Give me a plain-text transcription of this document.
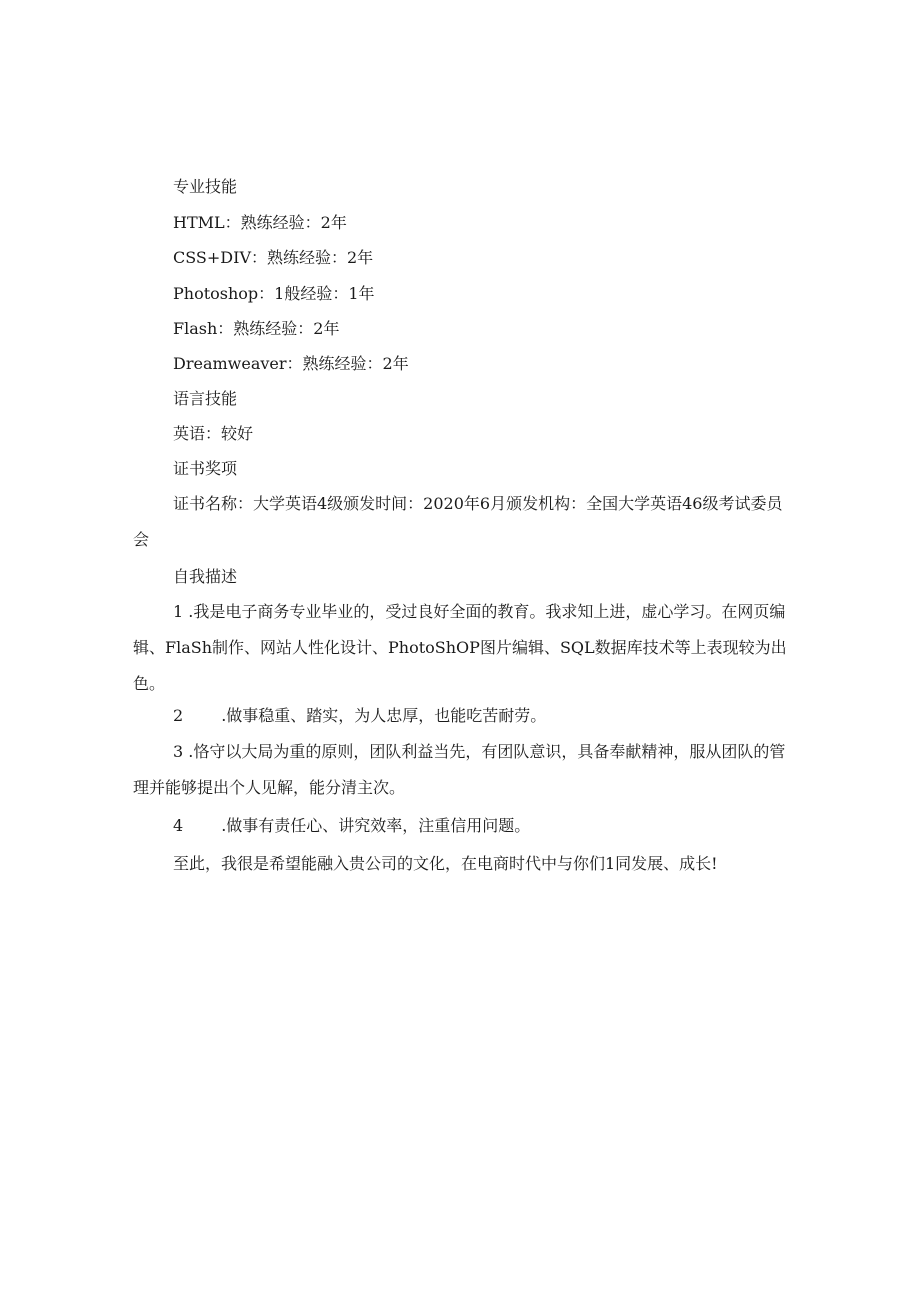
专业技能
HTML：熟练经验：2年
CSS+DIV：熟练经验：2年
Photoshop：1般经验：1年
Flash：熟练经验：2年
Dreamweaver：熟练经验：2年
语言技能
英语：较好
证书奖项
证书名称：大学英语4级颁发时间：2020年6月颁发机构：全国大学英语46级考试委员会
自我描述
1 .我是电子商务专业毕业的，受过良好全面的教育。我求知上进，虚心学习。在网页编辑、FlaSh制作、网站人性化设计、PhotoShOP图片编辑、SQL数据库技术等上表现较为出色。
2 .做事稳重、踏实，为人忠厚，也能吃苦耐劳。
3 .恪守以大局为重的原则，团队利益当先，有团队意识，具备奉献精神，服从团队的管理并能够提出个人见解，能分清主次。
4 .做事有责任心、讲究效率，注重信用问题。
至此，我很是希望能融入贵公司的文化，在电商时代中与你们1同发展、成长!
